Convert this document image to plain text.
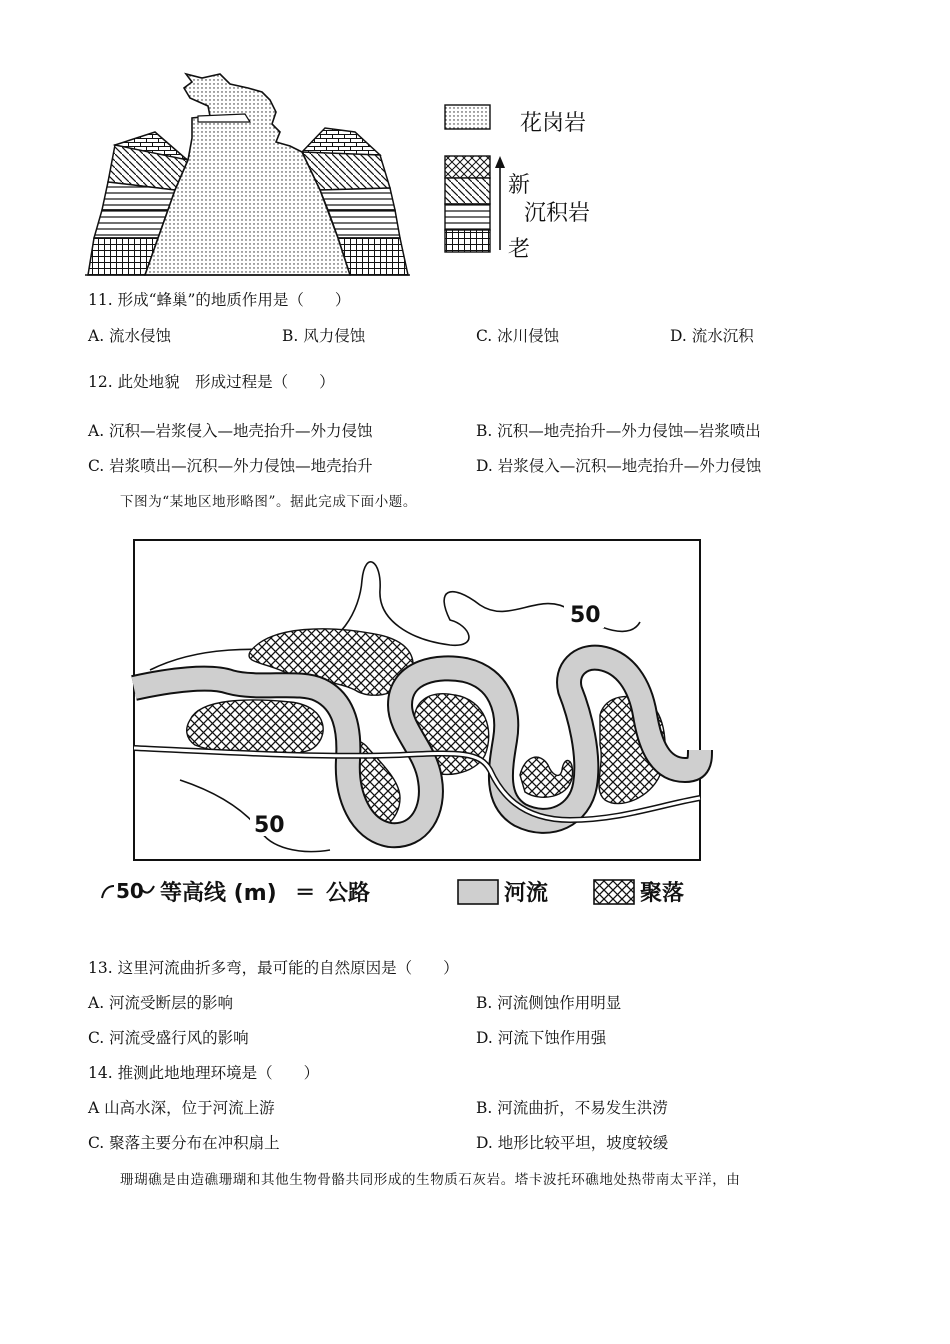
花岗岩
新
沉积岩
老
11. 形成“蜂巢”的地质作用是（　　）
A. 流水侵蚀	B. 风力侵蚀	C. 冰川侵蚀	D. 流水沉积
12. 此处地貌　形成过程是（　　）
A. 沉积—岩浆侵入—地壳抬升—外力侵蚀	B. 沉积—地壳抬升—外力侵蚀—岩浆喷出
C. 岩浆喷出—沉积—外力侵蚀—地壳抬升	D. 岩浆侵入—沉积—地壳抬升—外力侵蚀
下图为“某地区地形略图”。据此完成下面小题。
50
50
50 等高线 (m) ═ 公路	河流	聚落
13. 这里河流曲折多弯，最可能的自然原因是（　　）
A. 河流受断层的影响	B. 河流侧蚀作用明显
C. 河流受盛行风的影响	D. 河流下蚀作用强
14. 推测此地地理环境是（　　）
A 山高水深，位于河流上游	B. 河流曲折，不易发生洪涝
C. 聚落主要分布在冲积扇上	D. 地形比较平坦，坡度较缓
珊瑚礁是由造礁珊瑚和其他生物骨骼共同形成的生物质石灰岩。塔卡波托环礁地处热带南太平洋，由
